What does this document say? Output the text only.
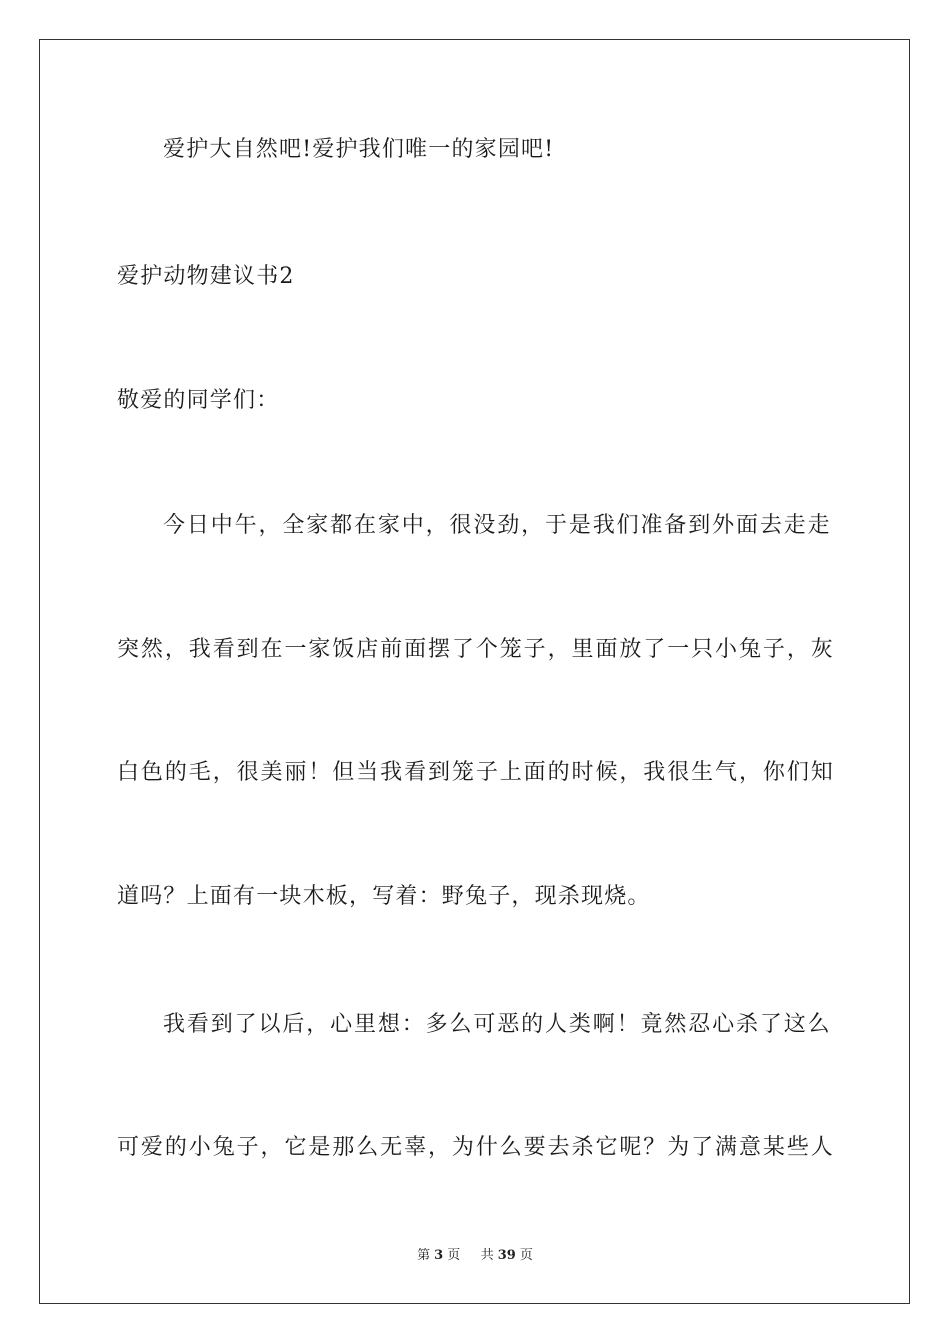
爱护大自然吧!爱护我们唯一的家园吧!
爱护动物建议书2
敬爱的同学们：
今 日 中 午 ， 全 家 都 在 家 中 ， 很 没 劲 ， 于 是 我 们 准 备 到 外 面 去 走 走
突 然 ， 我 看 到 在 一 家 饭 店 前 面 摆 了 个 笼 子 ， 里 面 放 了 一 只 小 兔 子 ， 灰
白 色 的 毛 ， 很 美 丽 ！ 但 当 我 看 到 笼 子 上 面 的 时 候 ， 我 很 生 气 ， 你 们 知
道吗？上面有一块木板，写着：野兔子，现杀现烧。
我 看 到 了 以 后 ， 心 里 想 ： 多 么 可 恶 的 人 类 啊 ！ 竟 然 忍 心 杀 了 这 么
可 爱 的 小 兔 子 ， 它 是 那 么 无 辜 ， 为 什 么 要 去 杀 它 呢 ？ 为 了 满 意 某 些 人
第 3 页 共 39 页
